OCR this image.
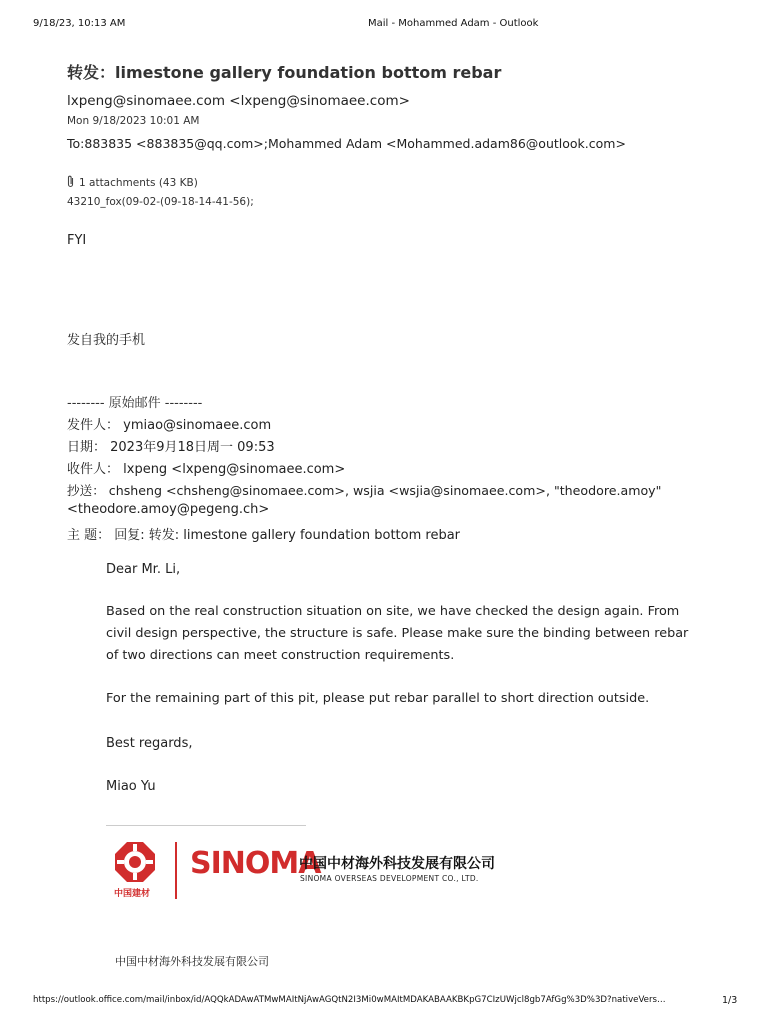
9/18/23, 10:13 AM	Mail - Mohammed Adam - Outlook
转发：limestone gallery foundation bottom rebar
lxpeng@sinomaee.com <lxpeng@sinomaee.com>
Mon 9/18/2023 10:01 AM
To:883835 <883835@qq.com>;Mohammed Adam <Mohammed.adam86@outlook.com>
1 attachments (43 KB)
43210_fox(09-02-(09-18-14-41-56);
FYI
发自我的手机
-------- 原始邮件 --------
发件人： ymiao@sinomaee.com
日期： 2023年9月18日周一 09:53
收件人： lxpeng <lxpeng@sinomaee.com>
抄送： chsheng <chsheng@sinomaee.com>, wsjia <wsjia@sinomaee.com>, "theodore.amoy"
<theodore.amoy@pegeng.ch>
主 题： 回复: 转发: limestone gallery foundation bottom rebar
Dear Mr. Li,
Based on the real construction situation on site, we have checked the design again. From
civil design perspective, the structure is safe. Please make sure the binding between rebar
of two directions can meet construction requirements.
For the remaining part of this pit, please put rebar parallel to short direction outside.
Best regards,
Miao Yu
中国建材
SINOMA
中国中材海外科技发展有限公司
SINOMA OVERSEAS DEVELOPMENT CO., LTD.
中国中材海外科技发展有限公司
https://outlook.office.com/mail/inbox/id/AQQkADAwATMwMAItNjAwAGQtN2I3Mi0wMAItMDAKABAAKBKpG7CIzUWjcl8gb7AfGg%3D%3D?nativeVers…	1/3
